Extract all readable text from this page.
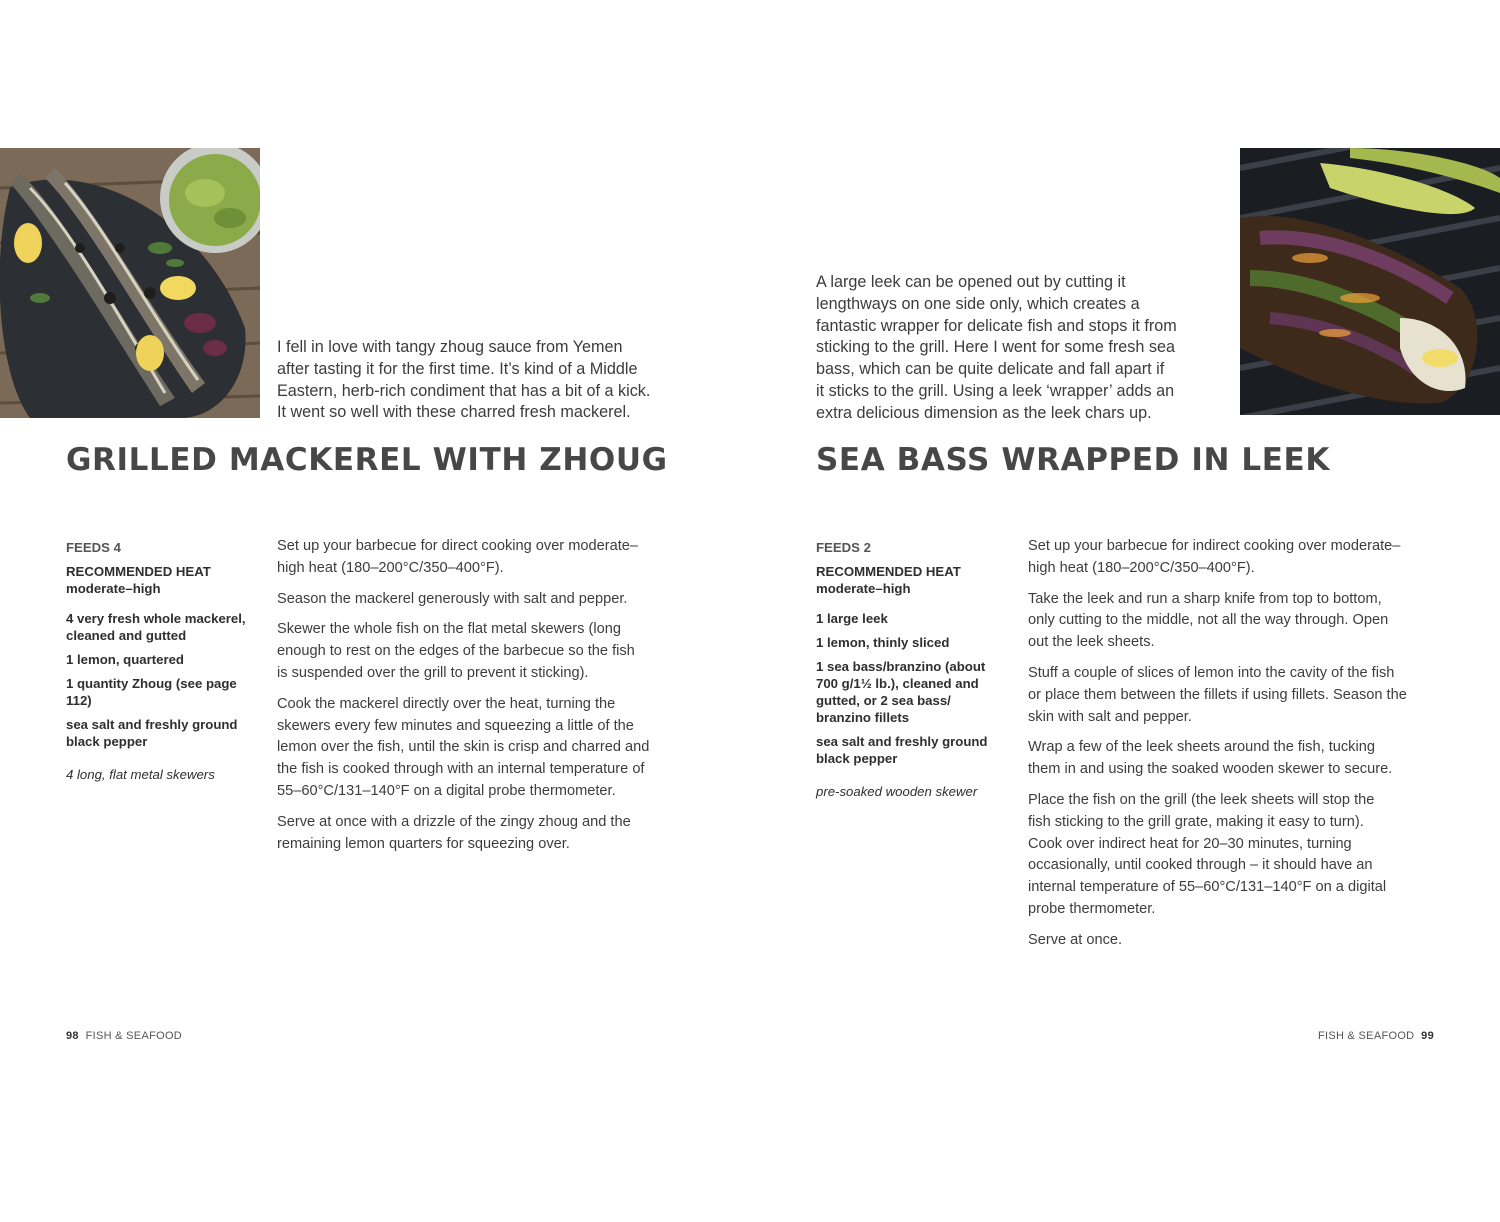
I fell in love with tangy zhoug sauce from Yemen
after tasting it for the first time. It’s kind of a Middle
Eastern, herb-rich condiment that has a bit of a kick.
It went so well with these charred fresh mackerel.
A large leek can be opened out by cutting it
lengthways on one side only, which creates a
fantastic wrapper for delicate fish and stops it from
sticking to the grill. Here I went for some fresh sea
bass, which can be quite delicate and fall apart if
it sticks to the grill. Using a leek ‘wrapper’ adds an
extra delicious dimension as the leek chars up.
GRILLED MACKEREL WITH ZHOUG	SEA BASS WRAPPED IN LEEK
FEEDS 4
RECOMMENDED HEAT
moderate–high
4 very fresh whole mackerel, cleaned and gutted
1 lemon, quartered
1 quantity Zhoug (see page 112)
sea salt and freshly ground black pepper
4 long, flat metal skewers
FEEDS 2
RECOMMENDED HEAT
moderate–high
1 large leek
1 lemon, thinly sliced
1 sea bass/branzino (about 700 g/1½ lb.), cleaned and gutted, or 2 sea bass/ branzino fillets
sea salt and freshly ground black pepper
pre-soaked wooden skewer
Set up your barbecue for direct cooking over moderate–
high heat (180–200°C/350–400°F).
Season the mackerel generously with salt and pepper.
Skewer the whole fish on the flat metal skewers (long
enough to rest on the edges of the barbecue so the fish
is suspended over the grill to prevent it sticking).
Cook the mackerel directly over the heat, turning the
skewers every few minutes and squeezing a little of the
lemon over the fish, until the skin is crisp and charred and
the fish is cooked through with an internal temperature of
55–60°C/131–140°F on a digital probe thermometer.
Serve at once with a drizzle of the zingy zhoug and the
remaining lemon quarters for squeezing over.
Set up your barbecue for indirect cooking over moderate–
high heat (180–200°C/350–400°F).
Take the leek and run a sharp knife from top to bottom,
only cutting to the middle, not all the way through. Open
out the leek sheets.
Stuff a couple of slices of lemon into the cavity of the fish
or place them between the fillets if using fillets. Season the
skin with salt and pepper.
Wrap a few of the leek sheets around the fish, tucking
them in and using the soaked wooden skewer to secure.
Place the fish on the grill (the leek sheets will stop the
fish sticking to the grill grate, making it easy to turn).
Cook over indirect heat for 20–30 minutes, turning
occasionally, until cooked through – it should have an
internal temperature of 55–60°C/131–140°F on a digital
probe thermometer.
Serve at once.
98 FISH & SEAFOOD	FISH & SEAFOOD 99
